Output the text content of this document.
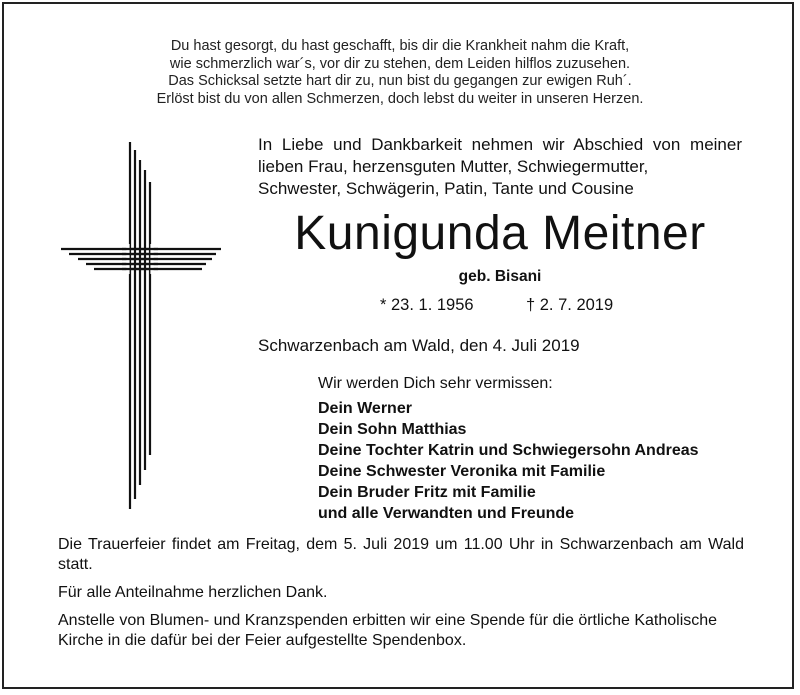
Du hast gesorgt, du hast geschafft, bis dir die Krankheit nahm die Kraft,
wie schmerzlich war´s, vor dir zu stehen, dem Leiden hilflos zuzusehen.
Das Schicksal setzte hart dir zu, nun bist du gegangen zur ewigen Ruh´.
Erlöst bist du von allen Schmerzen, doch lebst du weiter in unseren Herzen.
In Liebe und Dankbarkeit nehmen wir Abschied von meiner lieben Frau, herzensguten Mutter, Schwiegermutter,
Schwester, Schwägerin, Patin, Tante und Cousine
Kunigunda Meitner
geb. Bisani
* 23. 1. 1956	† 2. 7. 2019
Schwarzenbach am Wald, den 4. Juli 2019
Wir werden Dich sehr vermissen:
Dein Werner
Dein Sohn Matthias
Deine Tochter Katrin und Schwiegersohn Andreas
Deine Schwester Veronika mit Familie
Dein Bruder Fritz mit Familie
und alle Verwandten und Freunde

Die Trauerfeier findet am Freitag, dem 5. Juli 2019 um 11.00 Uhr in Schwarzenbach am Wald statt.

Für alle Anteilnahme herzlichen Dank.

Anstelle von Blumen- und Kranzspenden erbitten wir eine Spende für die örtliche Katholische Kirche in die dafür bei der Feier aufgestellte Spendenbox.
